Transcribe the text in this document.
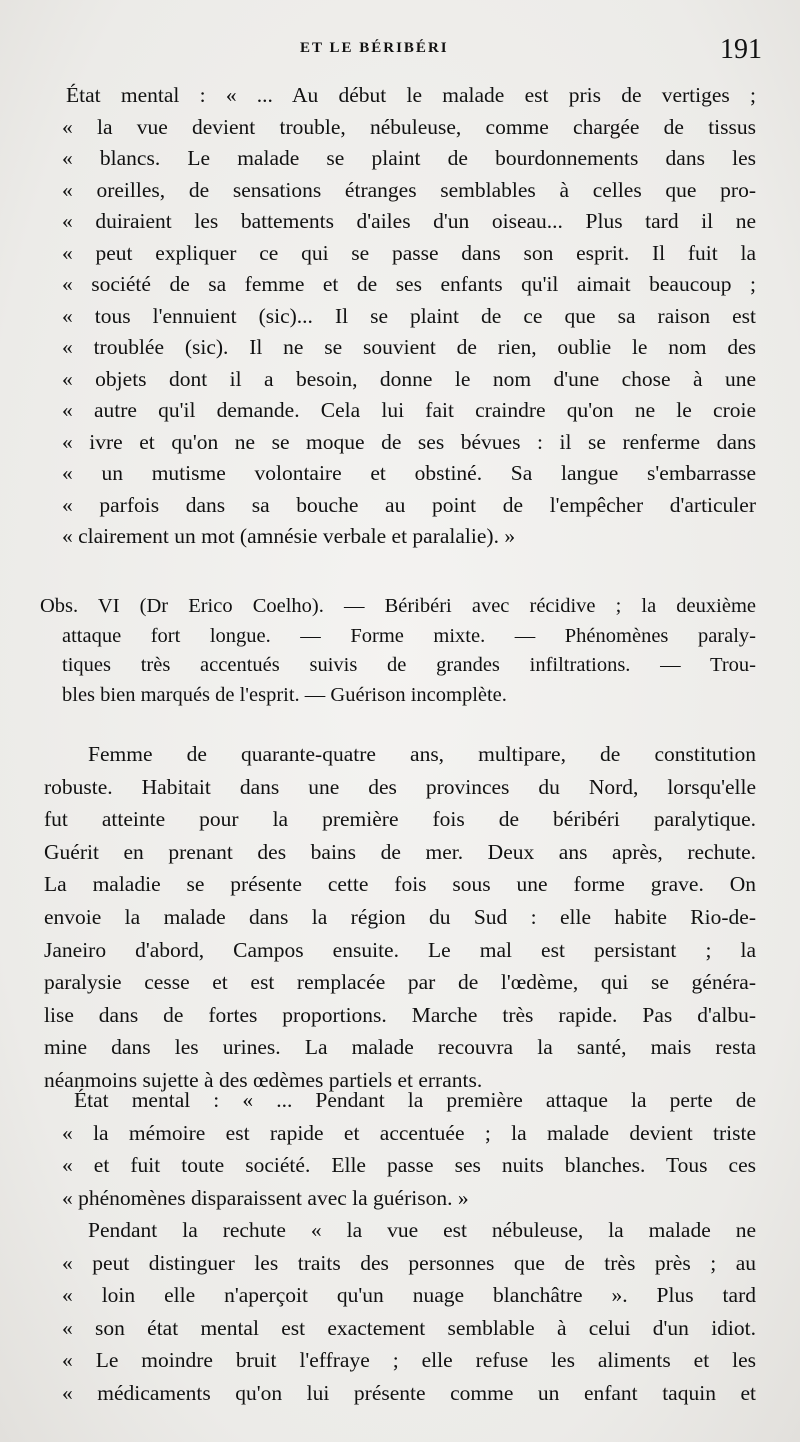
ET LE BÉRIBÉRI	191
État mental : « ... Au début le malade est pris de vertiges ;
« la vue devient trouble, nébuleuse, comme chargée de tissus
« blancs. Le malade se plaint de bourdonnements dans les
« oreilles, de sensations étranges semblables à celles que pro-
« duiraient les battements d'ailes d'un oiseau... Plus tard il ne
« peut expliquer ce qui se passe dans son esprit. Il fuit la
« société de sa femme et de ses enfants qu'il aimait beaucoup ;
« tous l'ennuient (sic)... Il se plaint de ce que sa raison est
« troublée (sic). Il ne se souvient de rien, oublie le nom des
« objets dont il a besoin, donne le nom d'une chose à une
« autre qu'il demande. Cela lui fait craindre qu'on ne le croie
« ivre et qu'on ne se moque de ses bévues : il se renferme dans
« un mutisme volontaire et obstiné. Sa langue s'embarrasse
« parfois dans sa bouche au point de l'empêcher d'articuler
« clairement un mot (amnésie verbale et paralalie). »
Obs. VI (Dr Erico Coelho). — Béribéri avec récidive ; la deuxième
attaque fort longue. — Forme mixte. — Phénomènes paraly-
tiques très accentués suivis de grandes infiltrations. — Trou-
bles bien marqués de l'esprit. — Guérison incomplète.
Femme de quarante-quatre ans, multipare, de constitution
robuste. Habitait dans une des provinces du Nord, lorsqu'elle
fut atteinte pour la première fois de béribéri paralytique.
Guérit en prenant des bains de mer. Deux ans après, rechute.
La maladie se présente cette fois sous une forme grave. On
envoie la malade dans la région du Sud : elle habite Rio-de-
Janeiro d'abord, Campos ensuite. Le mal est persistant ; la
paralysie cesse et est remplacée par de l'œdème, qui se généra-
lise dans de fortes proportions. Marche très rapide. Pas d'albu-
mine dans les urines. La malade recouvra la santé, mais resta
néanmoins sujette à des œdèmes partiels et errants.
État mental : « ... Pendant la première attaque la perte de
« la mémoire est rapide et accentuée ; la malade devient triste
« et fuit toute société. Elle passe ses nuits blanches. Tous ces
« phénomènes disparaissent avec la guérison. »
Pendant la rechute « la vue est nébuleuse, la malade ne
« peut distinguer les traits des personnes que de très près ; au
« loin elle n'aperçoit qu'un nuage blanchâtre ». Plus tard
« son état mental est exactement semblable à celui d'un idiot.
« Le moindre bruit l'effraye ; elle refuse les aliments et les
« médicaments qu'on lui présente comme un enfant taquin et
